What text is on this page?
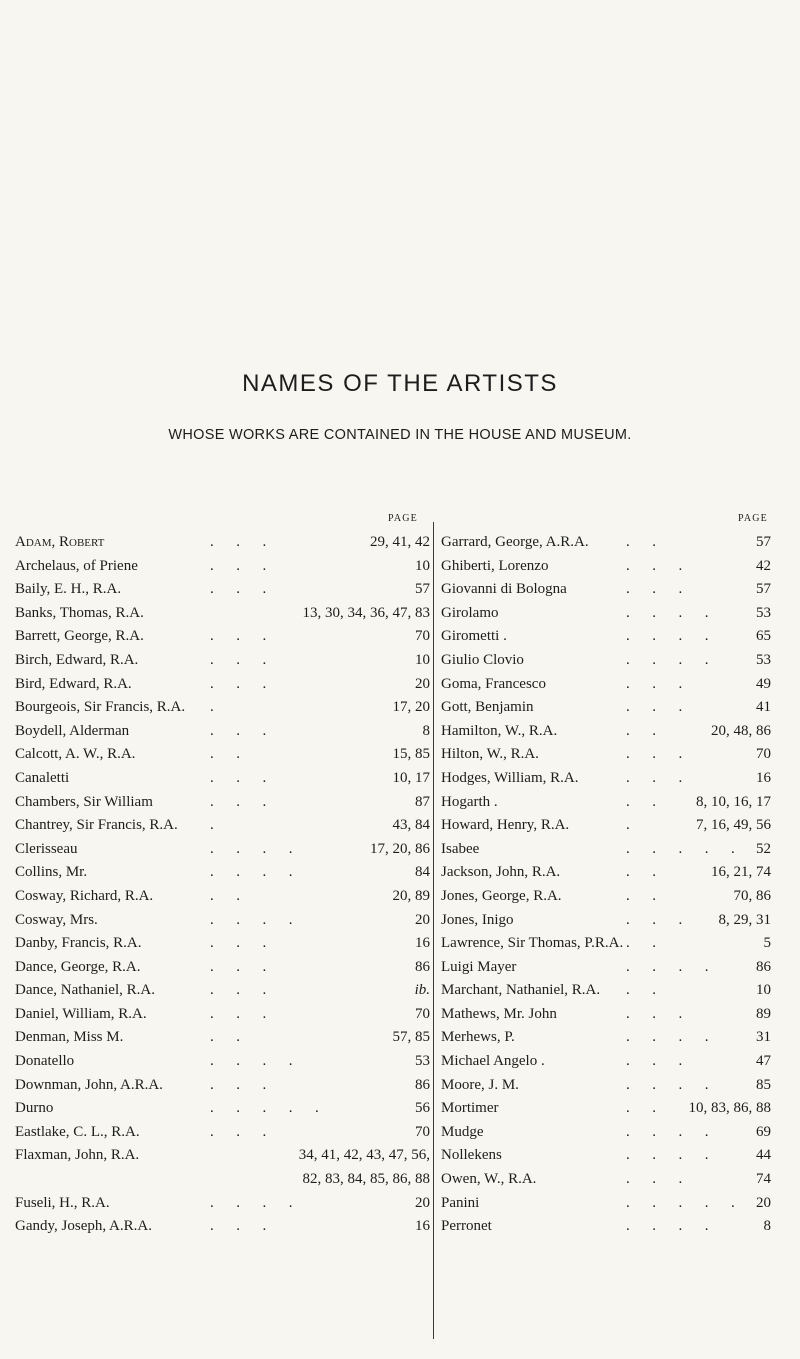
NAMES OF THE ARTISTS
WHOSE WORKS ARE CONTAINED IN THE HOUSE AND MUSEUM.
PAGE	PAGE
Adam, Robert	.      .      .	29, 41, 42
Archelaus, of Priene	.      .      .	10
Baily, E. H., R.A.	.      .      .	57
Banks, Thomas, R.A.	13, 30, 34, 36, 47, 83
Barrett, George, R.A.	.      .      .	70
Birch, Edward, R.A.	.      .      .	10
Bird, Edward, R.A.	.      .      .	20
Bourgeois, Sir Francis, R.A. .	17, 20
Boydell, Alderman	.      .      .	8
Calcott, A. W., R.A.	.      .	15, 85
Canaletti	.      .      .	10, 17
Chambers, Sir William	.      .      .	87
Chantrey, Sir Francis, R.A. .	43, 84
Clerisseau	.      .      .      .	17, 20, 86
Collins, Mr.	.      .      .      .	84
Cosway, Richard, R.A.	.      .	20, 89
Cosway, Mrs.	.      .      .      .	20
Danby, Francis, R.A.	.      .      .	16
Dance, George, R.A.	.      .      .	86
Dance, Nathaniel, R.A.	.      .      .	ib.
Daniel, William, R.A.	.      .      .	70
Denman, Miss M.	.      .	57, 85
Donatello	.      .      .      .	53
Downman, John, A.R.A.	.      .      .	86
Durno	.      .      .      .      .	56
Eastlake, C. L., R.A.	.      .      .	70
Flaxman, John, R.A.	34, 41, 42, 43, 47, 56,
82, 83, 84, 85, 86, 88
Fuseli, H., R.A.	.      .      .      .	20
Gandy, Joseph, A.R.A.	.      .      .	16
Garrard, George, A.R.A. .      .	57
Ghiberti, Lorenzo	.      .      .	42
Giovanni di Bologna	.      .      .	57
Girolamo	.      .      .      .	53
Girometti .	.      .      .      .	65
Giulio Clovio	.      .      .      .	53
Goma, Francesco	.      .      .	49
Gott, Benjamin	.      .      .	41
Hamilton, W., R.A.	.      .	20, 48, 86
Hilton, W., R.A.	.      .      .	70
Hodges, William, R.A.	.      .      .	16
Hogarth .	.      .	8, 10, 16, 17
Howard, Henry, R.A.	.	7, 16, 49, 56
Isabee	.      .      .      .      . 52
Jackson, John, R.A.	.      .	16, 21, 74
Jones, George, R.A.	.      .	70, 86
Jones, Inigo	.      .      . 8, 29, 31
Lawrence, Sir Thomas, P.R.A. .      .	5
Luigi Mayer	.      .      .      .	86
Marchant, Nathaniel, R.A. .      .	10
Mathews, Mr. John	.      .      .	89
Merhews, P.	.      .      .      .	31
Michael Angelo .	.      .      .	47
Moore, J. M.	.      .      .      .	85
Mortimer	.      . 10, 83, 86, 88
Mudge	.      .      .      .	69
Nollekens	.      .      .      .	44
Owen, W., R.A.	.      .      .	74
Panini	.      .      .      .      . 20
Perronet	.      .      .      .	8
